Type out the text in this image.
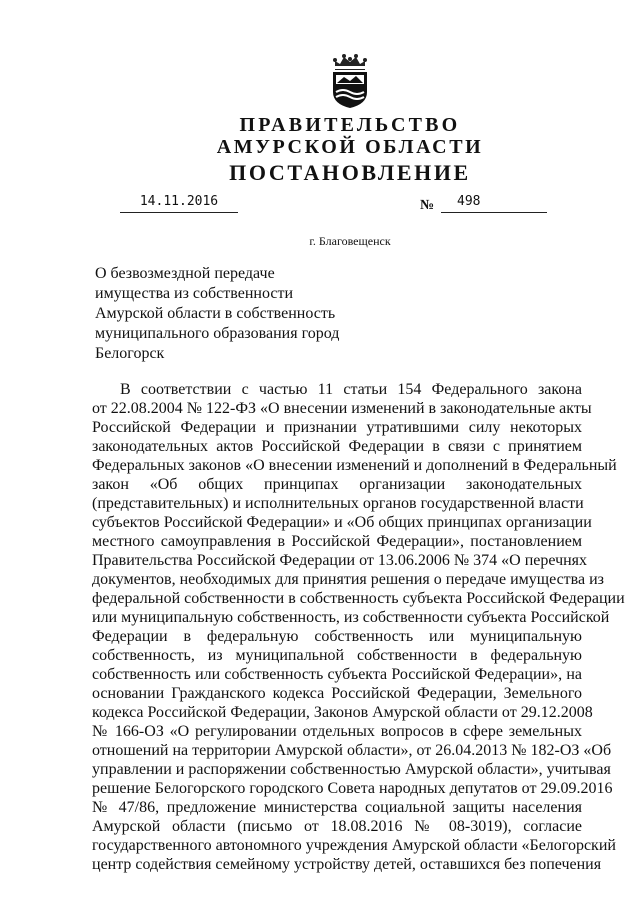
ПРАВИТЕЛЬСТВО
АМУРСКОЙ ОБЛАСТИ
ПОСТАНОВЛЕНИЕ
14.11.2016	№	498
г. Благовещенск
О безвозмездной передаче имущества из собственности Амурской области в собственность муниципального образования город Белогорск
В соответствии с частью 11 статьи 154 Федерального закона
от 22.08.2004 № 122-ФЗ «О внесении изменений в законодательные акты
Российской Федерации и признании утратившими силу некоторых
законодательных актов Российской Федерации в связи с принятием
Федеральных законов «О внесении изменений и дополнений в Федеральный
закон «Об общих принципах организации законодательных
(представительных) и исполнительных органов государственной власти
субъектов Российской Федерации» и «Об общих принципах организации
местного самоуправления в Российской Федерации», постановлением
Правительства Российской Федерации от 13.06.2006 № 374 «О перечнях
документов, необходимых для принятия решения о передаче имущества из
федеральной собственности в собственность субъекта Российской Федерации
или муниципальную собственность, из собственности субъекта Российской
Федерации в федеральную собственность или муниципальную
собственность, из муниципальной собственности в федеральную
собственность или собственность субъекта Российской Федерации», на
основании Гражданского кодекса Российской Федерации, Земельного
кодекса Российской Федерации, Законов Амурской области от 29.12.2008
№ 166-ОЗ «О регулировании отдельных вопросов в сфере земельных
отношений на территории Амурской области», от 26.04.2013 № 182-ОЗ «Об
управлении и распоряжении собственностью Амурской области», учитывая
решение Белогорского городского Совета народных депутатов от 29.09.2016
№ 47/86, предложение министерства социальной защиты населения
Амурской области (письмо от 18.08.2016 № 08-3019), согласие
государственного автономного учреждения Амурской области «Белогорский
центр содействия семейному устройству детей, оставшихся без попечения
